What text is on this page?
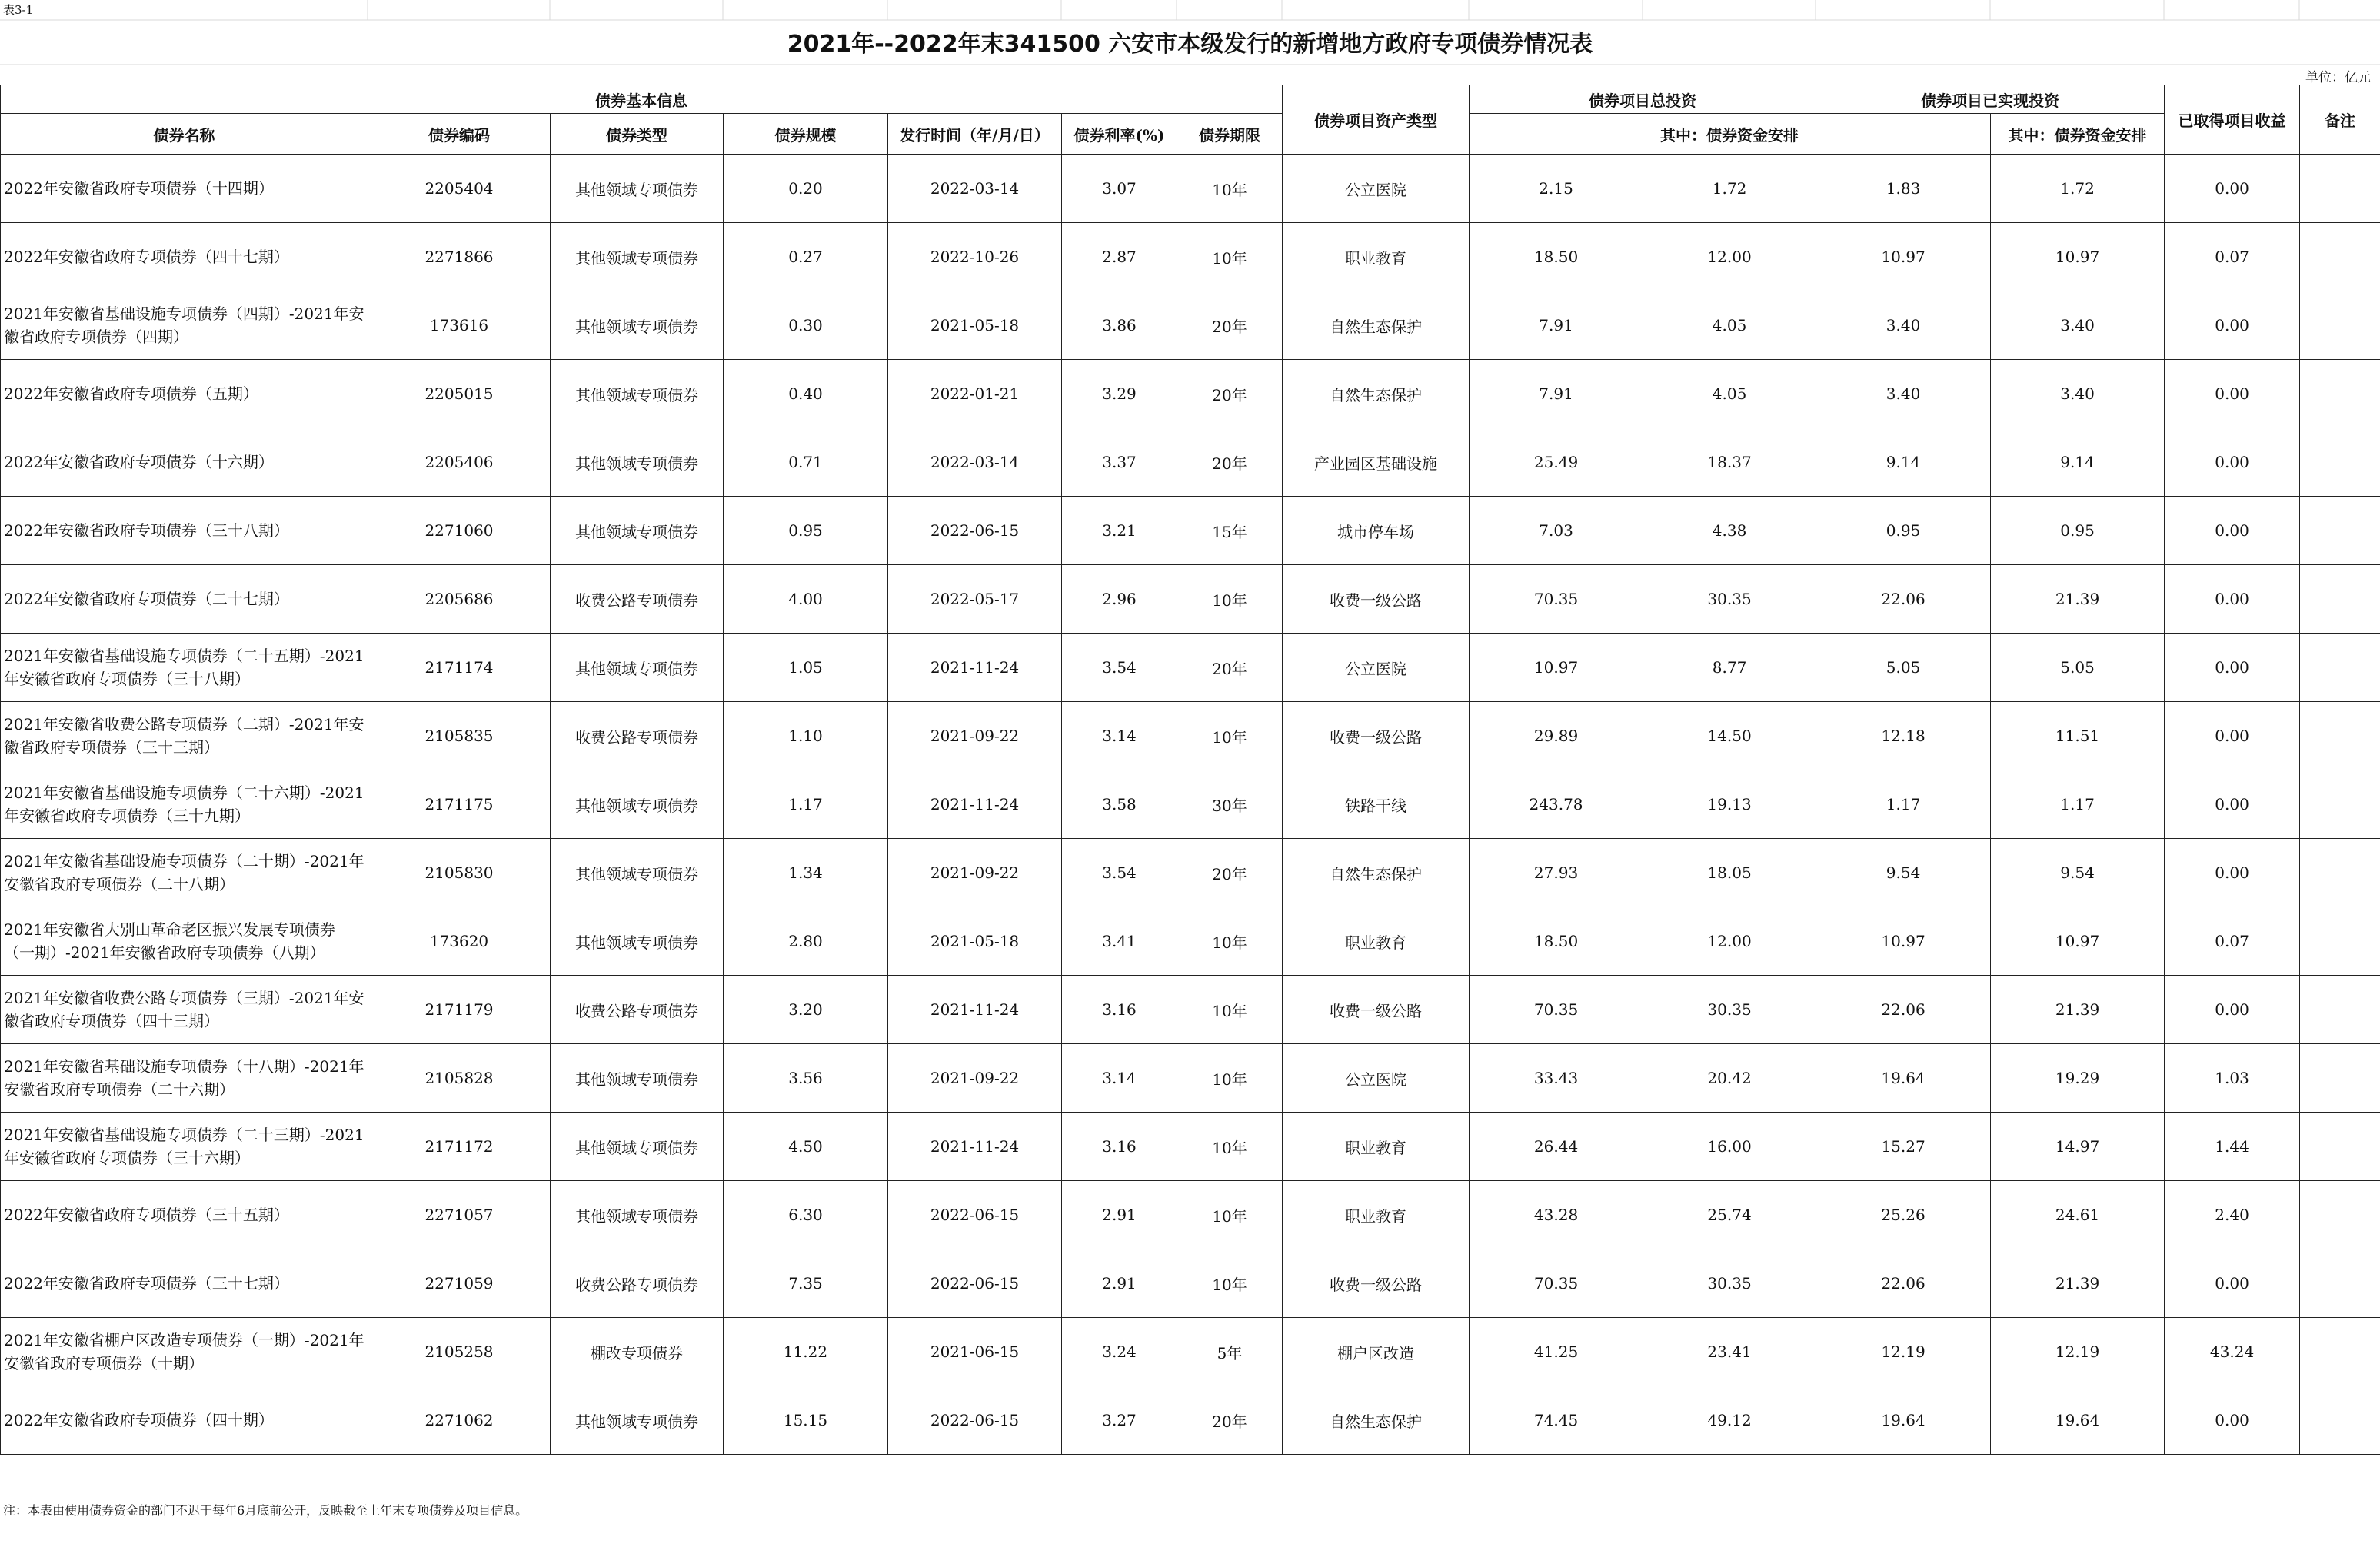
表3-1
2021年--2022年末341500 六安市本级发行的新增地方政府专项债券情况表
单位：亿元
债券基本信息							债券项目资产类型	债券项目总投资		债券项目已实现投资		已取得项目收益	备注
债券名称	债券编码	债券类型	债券规模	发行时间（年/月/日）	债券利率(%)	债券期限			其中：债券资金安排		其中：债券资金安排		
2022年安徽省政府专项债券（十四期）	2205404	其他领域专项债券	0.20	2022-03-14	3.07	10年	公立医院	2.15	1.72	1.83	1.72	0.00	
2022年安徽省政府专项债券（四十七期）	2271866	其他领域专项债券	0.27	2022-10-26	2.87	10年	职业教育	18.50	12.00	10.97	10.97	0.07	
2021年安徽省基础设施专项债券（四期）-2021年安徽省政府专项债券（四期）	173616	其他领域专项债券	0.30	2021-05-18	3.86	20年	自然生态保护	7.91	4.05	3.40	3.40	0.00	
2022年安徽省政府专项债券（五期）	2205015	其他领域专项债券	0.40	2022-01-21	3.29	20年	自然生态保护	7.91	4.05	3.40	3.40	0.00	
2022年安徽省政府专项债券（十六期）	2205406	其他领域专项债券	0.71	2022-03-14	3.37	20年	产业园区基础设施	25.49	18.37	9.14	9.14	0.00	
2022年安徽省政府专项债券（三十八期）	2271060	其他领域专项债券	0.95	2022-06-15	3.21	15年	城市停车场	7.03	4.38	0.95	0.95	0.00	
2022年安徽省政府专项债券（二十七期）	2205686	收费公路专项债券	4.00	2022-05-17	2.96	10年	收费一级公路	70.35	30.35	22.06	21.39	0.00	
2021年安徽省基础设施专项债券（二十五期）-2021年安徽省政府专项债券（三十八期）	2171174	其他领域专项债券	1.05	2021-11-24	3.54	20年	公立医院	10.97	8.77	5.05	5.05	0.00	
2021年安徽省收费公路专项债券（二期）-2021年安徽省政府专项债券（三十三期）	2105835	收费公路专项债券	1.10	2021-09-22	3.14	10年	收费一级公路	29.89	14.50	12.18	11.51	0.00	
2021年安徽省基础设施专项债券（二十六期）-2021年安徽省政府专项债券（三十九期）	2171175	其他领域专项债券	1.17	2021-11-24	3.58	30年	铁路干线	243.78	19.13	1.17	1.17	0.00	
2021年安徽省基础设施专项债券（二十期）-2021年安徽省政府专项债券（二十八期）	2105830	其他领域专项债券	1.34	2021-09-22	3.54	20年	自然生态保护	27.93	18.05	9.54	9.54	0.00	
2021年安徽省大别山革命老区振兴发展专项债券（一期）-2021年安徽省政府专项债券（八期）	173620	其他领域专项债券	2.80	2021-05-18	3.41	10年	职业教育	18.50	12.00	10.97	10.97	0.07	
2021年安徽省收费公路专项债券（三期）-2021年安徽省政府专项债券（四十三期）	2171179	收费公路专项债券	3.20	2021-11-24	3.16	10年	收费一级公路	70.35	30.35	22.06	21.39	0.00	
2021年安徽省基础设施专项债券（十八期）-2021年安徽省政府专项债券（二十六期）	2105828	其他领域专项债券	3.56	2021-09-22	3.14	10年	公立医院	33.43	20.42	19.64	19.29	1.03	
2021年安徽省基础设施专项债券（二十三期）-2021年安徽省政府专项债券（三十六期）	2171172	其他领域专项债券	4.50	2021-11-24	3.16	10年	职业教育	26.44	16.00	15.27	14.97	1.44	
2022年安徽省政府专项债券（三十五期）	2271057	其他领域专项债券	6.30	2022-06-15	2.91	10年	职业教育	43.28	25.74	25.26	24.61	2.40	
2022年安徽省政府专项债券（三十七期）	2271059	收费公路专项债券	7.35	2022-06-15	2.91	10年	收费一级公路	70.35	30.35	22.06	21.39	0.00	
2021年安徽省棚户区改造专项债券（一期）-2021年安徽省政府专项债券（十期）	2105258	棚改专项债券	11.22	2021-06-15	3.24	5年	棚户区改造	41.25	23.41	12.19	12.19	43.24	
2022年安徽省政府专项债券（四十期）	2271062	其他领域专项债券	15.15	2022-06-15	3.27	20年	自然生态保护	74.45	49.12	19.64	19.64	0.00	
注：本表由使用债券资金的部门不迟于每年6月底前公开，反映截至上年末专项债券及项目信息。
